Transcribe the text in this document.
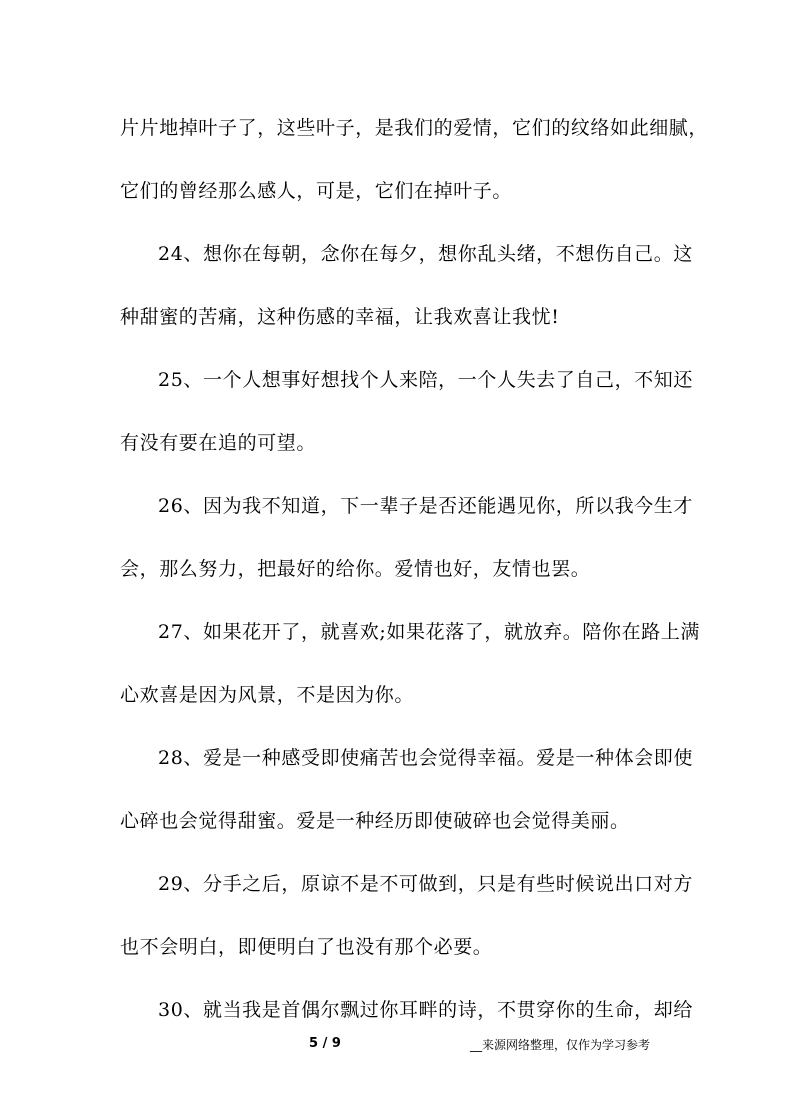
片片地掉叶子了，这些叶子，是我们的爱情，它们的纹络如此细腻，
它们的曾经那么感人，可是，它们在掉叶子。
24、想你在每朝，念你在每夕，想你乱头绪，不想伤自己。这
种甜蜜的苦痛，这种伤感的幸福，让我欢喜让我忧!
25、一个人想事好想找个人来陪，一个人失去了自己，不知还
有没有要在追的可望。
26、因为我不知道，下一辈子是否还能遇见你，所以我今生才
会，那么努力，把最好的给你。爱情也好，友情也罢。
27、如果花开了，就喜欢;如果花落了，就放弃。陪你在路上满
心欢喜是因为风景，不是因为你。
28、爱是一种感受即使痛苦也会觉得幸福。爱是一种体会即使
心碎也会觉得甜蜜。爱是一种经历即使破碎也会觉得美丽。
29、分手之后，原谅不是不可做到，只是有些时候说出口对方
也不会明白，即便明白了也没有那个必要。
30、就当我是首偶尔飘过你耳畔的诗，不贯穿你的生命，却给
5 / 9	__来源网络整理，仅作为学习参考
